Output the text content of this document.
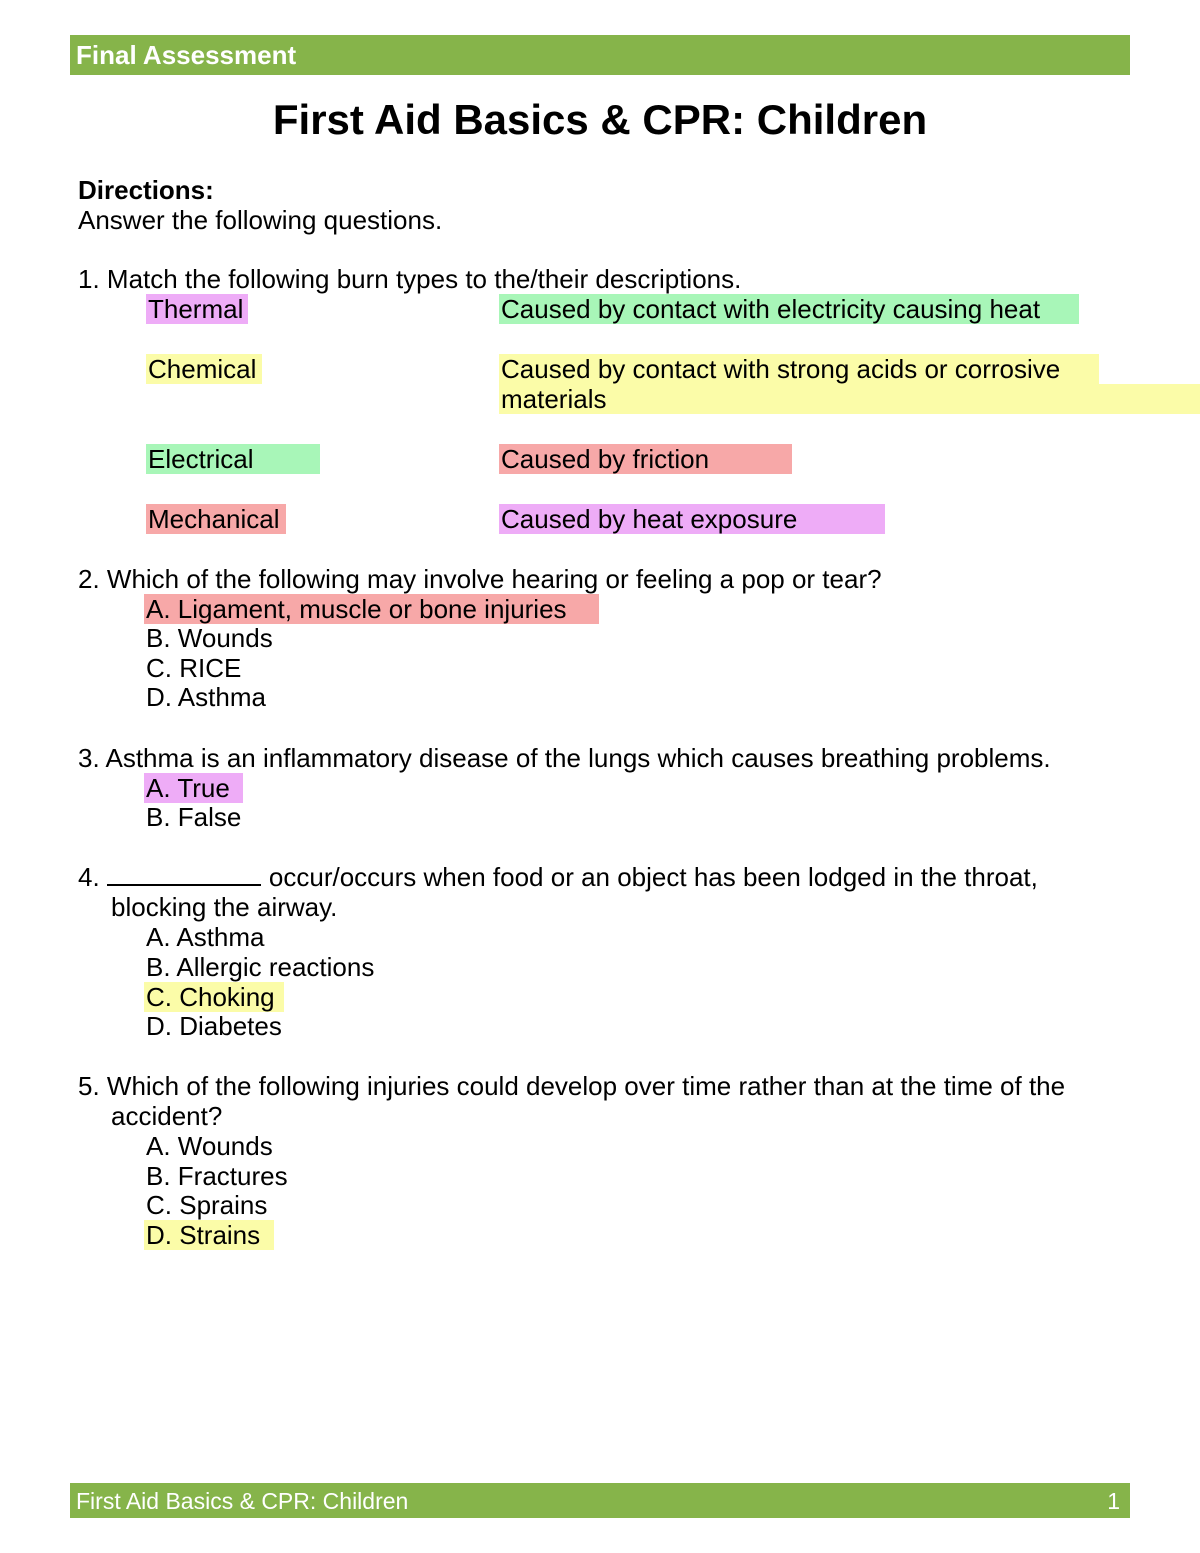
Final Assessment
First Aid Basics & CPR: Children
Directions:
Answer the following questions.
1. Match the following burn types to the/their descriptions.
Thermal
Chemical
Electrical
Mechanical
Caused by contact with electricity causing heat
Caused by contact with strong acids or corrosive
materials
Caused by friction
Caused by heat exposure
2. Which of the following may involve hearing or feeling a pop or tear?
A. Ligament, muscle or bone injuries
B. Wounds
C. RICE
D. Asthma
3. Asthma is an inflammatory disease of the lungs which causes breathing problems.
A. True
B. False
4.	occur/occurs when food or an object has been lodged in the throat,
blocking the airway.
A. Asthma
B. Allergic reactions
C. Choking
D. Diabetes
5. Which of the following injuries could develop over time rather than at the time of the
accident?
A. Wounds
B. Fractures
C. Sprains
D. Strains
First Aid Basics & CPR: Children	1
